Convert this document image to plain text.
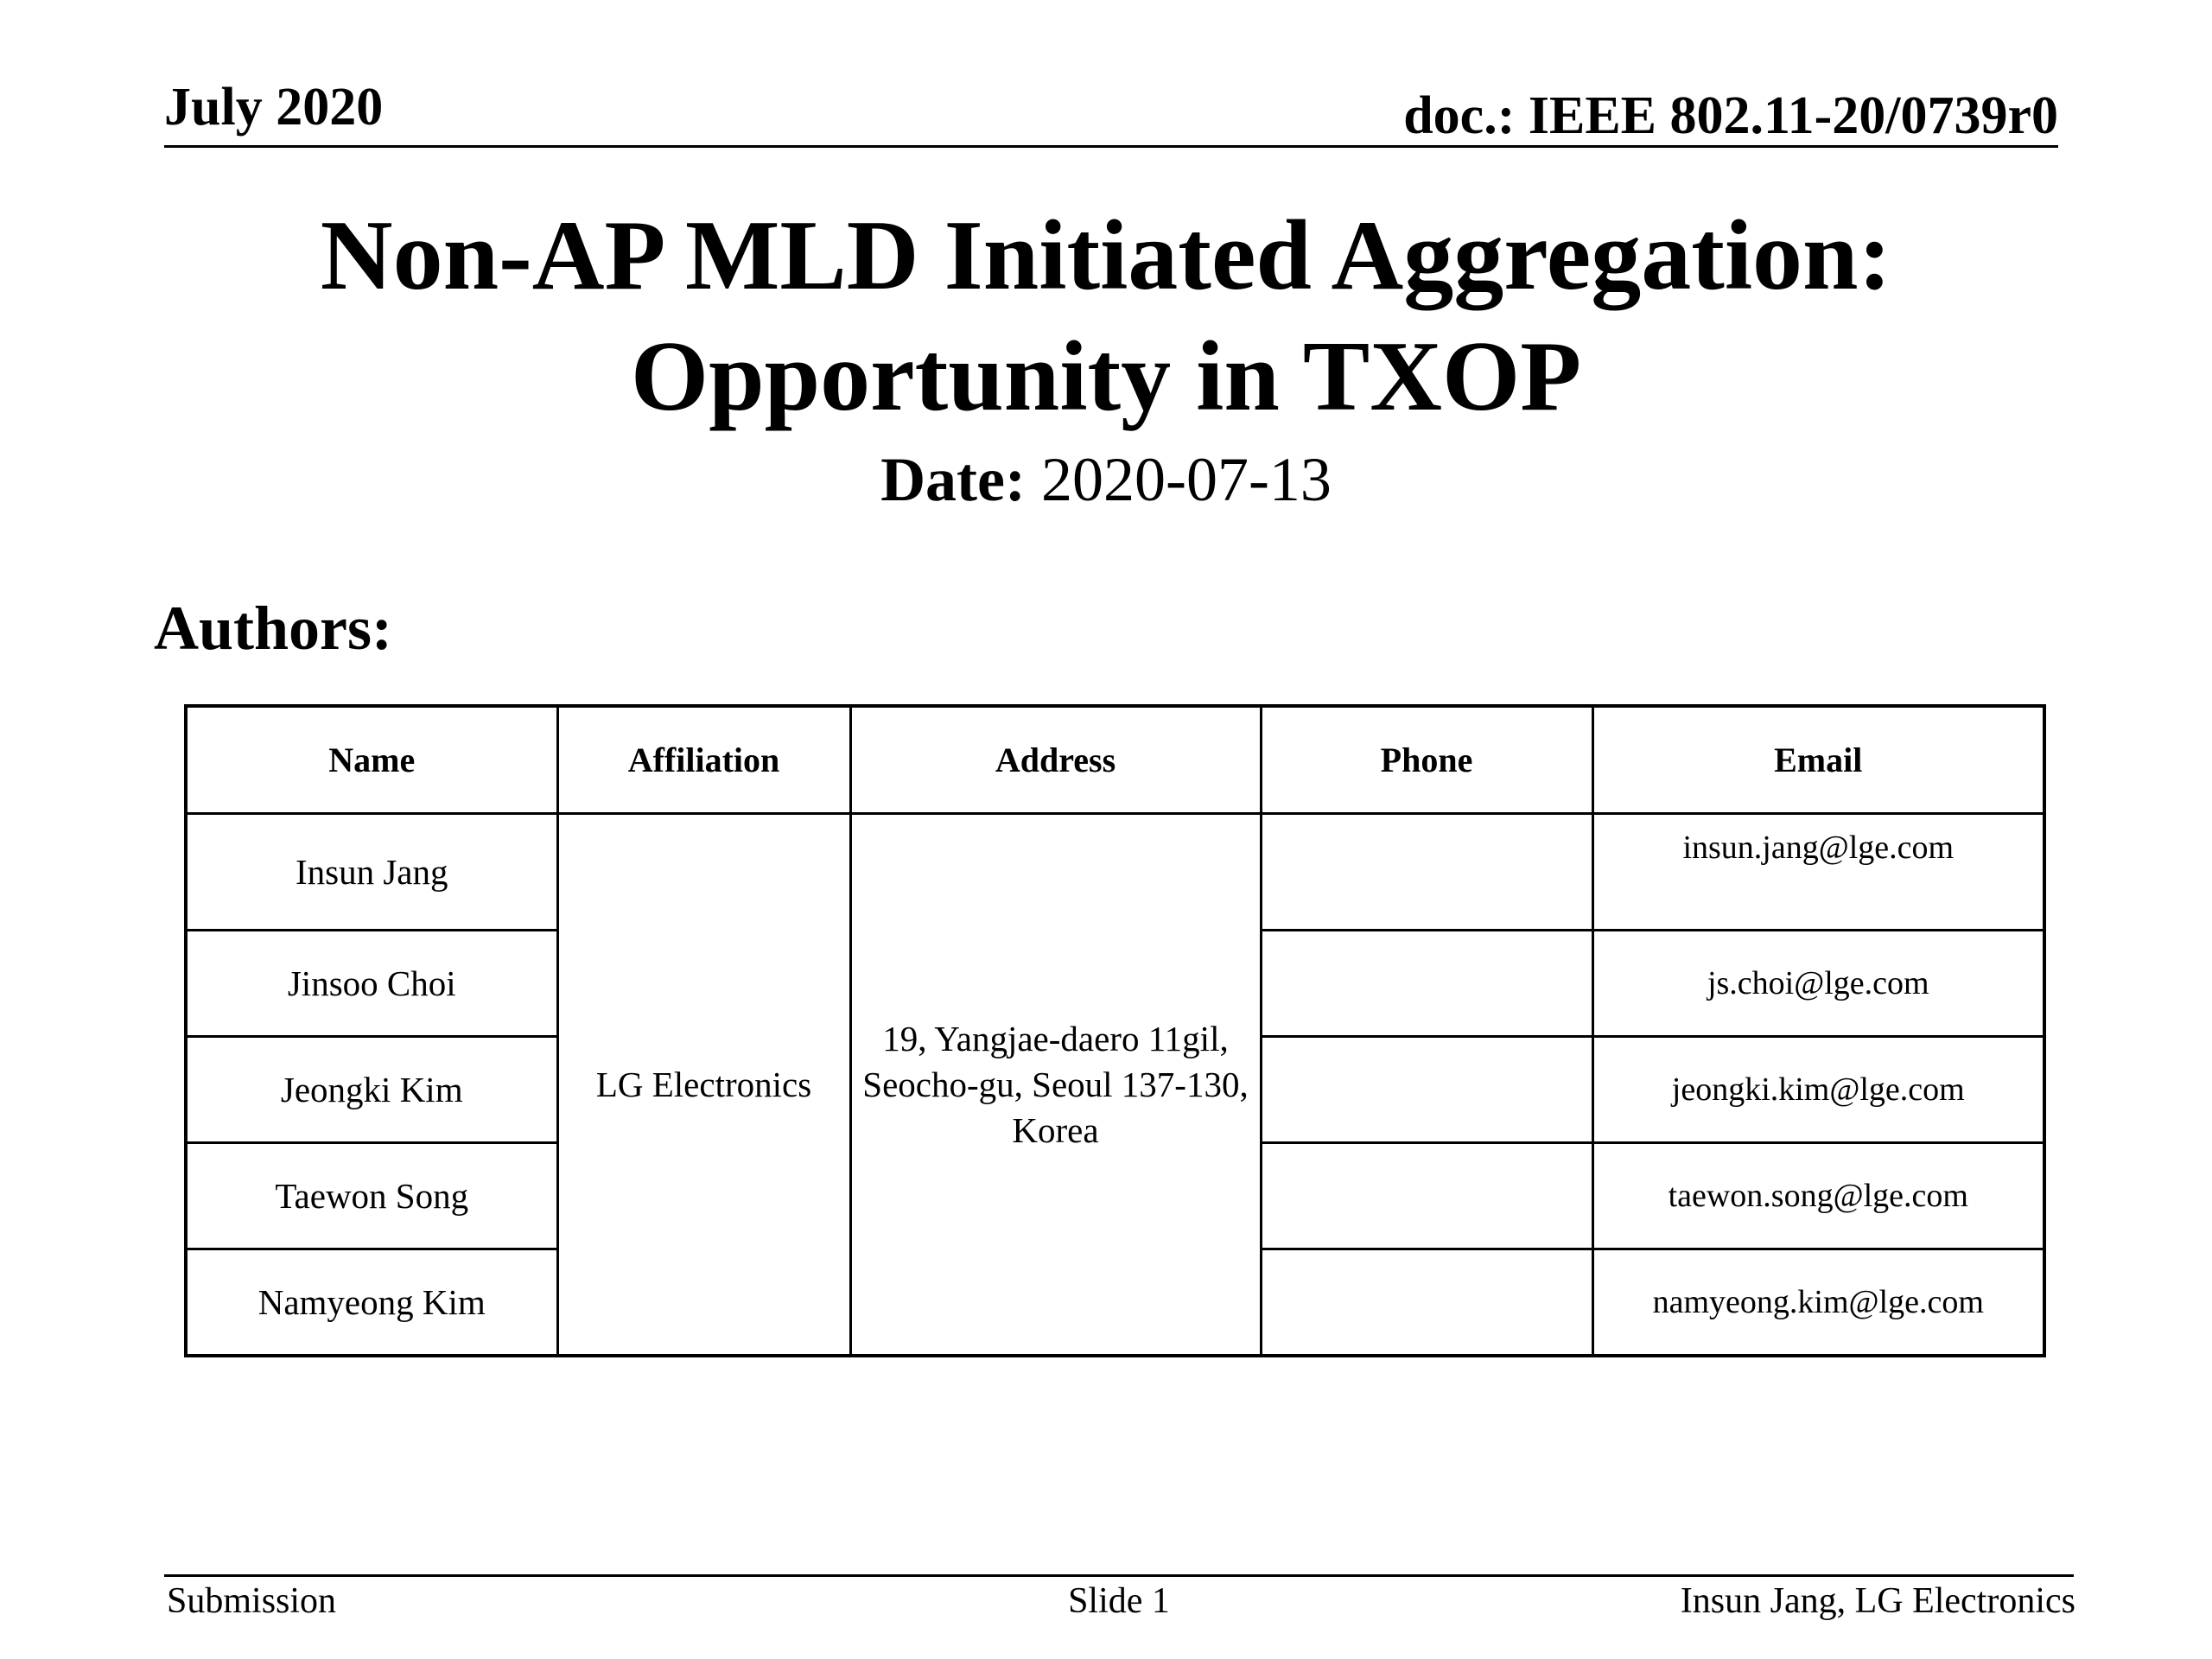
July 2020	doc.: IEEE 802.11-20/0739r0
Non-AP MLD Initiated Aggregation:
Opportunity in TXOP
Date: 2020-07-13
Authors:
Name	Affiliation	Address	Phone	Email
Insun Jang	LG Electronics	19, Yangjae-daero 11gil, Seocho-gu, Seoul 137-130, Korea		insun.jang@lge.com
Jinsoo Choi				js.choi@lge.com
Jeongki Kim				jeongki.kim@lge.com
Taewon Song				taewon.song@lge.com
Namyeong Kim				namyeong.kim@lge.com
Submission	Slide 1	Insun Jang, LG Electronics
